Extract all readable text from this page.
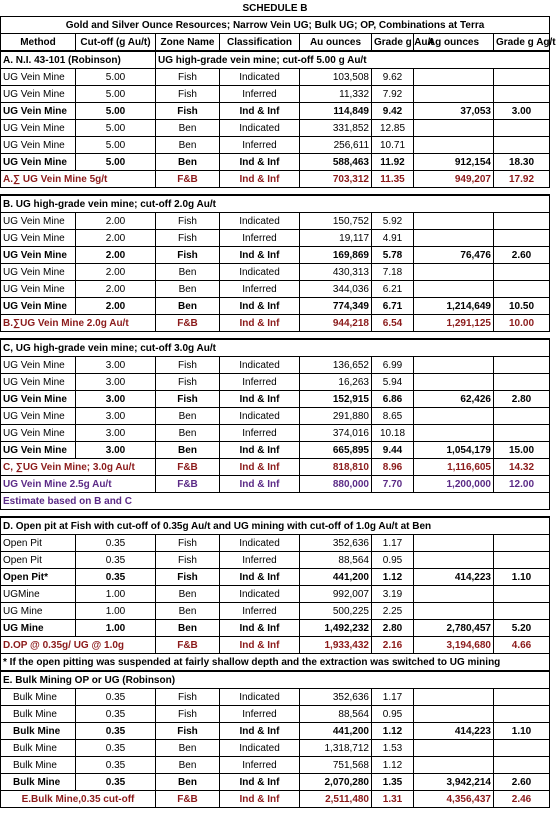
SCHEDULE B							
Gold and Silver Ounce Resources; Narrow Vein UG; Bulk UG; OP, Combinations at Terra							
Method	Cut-off (g Au/t)	Zone Name	Classification	Au ounces	Grade g Au/t	Ag ounces	Grade g Ag/t
A. N.I. 43-101 (Robinson)		UG high-grade vein mine; cut-off 5.00 g Au/t					
UG Vein Mine	5.00	Fish	Indicated	103,508	9.62		
UG Vein Mine	5.00	Fish	Inferred	11,332	7.92		
UG Vein Mine	5.00	Fish	Ind & Inf	114,849	9.42	37,053	3.00
UG Vein Mine	5.00	Ben	Indicated	331,852	12.85		
UG Vein Mine	5.00	Ben	Inferred	256,611	10.71		
UG Vein Mine	5.00	Ben	Ind & Inf	588,463	11.92	912,154	18.30
A.∑ UG Vein Mine 5g/t		F&B	Ind & Inf	703,312	11.35	949,207	17.92

B. UG high-grade vein mine; cut-off 2.0g Au/t							
UG Vein Mine	2.00	Fish	Indicated	150,752	5.92		
UG Vein Mine	2.00	Fish	Inferred	19,117	4.91		
UG Vein Mine	2.00	Fish	Ind & Inf	169,869	5.78	76,476	2.60
UG Vein Mine	2.00	Ben	Indicated	430,313	7.18		
UG Vein Mine	2.00	Ben	Inferred	344,036	6.21		
UG Vein Mine	2.00	Ben	Ind & Inf	774,349	6.71	1,214,649	10.50
B.∑UG Vein Mine 2.0g Au/t		F&B	Ind & Inf	944,218	6.54	1,291,125	10.00

C, UG high-grade vein mine; cut-off 3.0g Au/t							
UG Vein Mine	3.00	Fish	Indicated	136,652	6.99		
UG Vein Mine	3.00	Fish	Inferred	16,263	5.94		
UG Vein Mine	3.00	Fish	Ind & Inf	152,915	6.86	62,426	2.80
UG Vein Mine	3.00	Ben	Indicated	291,880	8.65		
UG Vein Mine	3.00	Ben	Inferred	374,016	10.18		
UG Vein Mine	3.00	Ben	Ind & Inf	665,895	9.44	1,054,179	15.00
C, ∑UG Vein Mine; 3.0g Au/t		F&B	Ind & Inf	818,810	8.96	1,116,605	14.32
UG Vein Mine 2.5g Au/t		F&B	Ind & Inf	880,000	7.70	1,200,000	12.00
Estimate based on B and C							

D. Open pit at Fish with cut-off of 0.35g Au/t and UG mining with cut-off of 1.0g Au/t at Ben							
Open Pit	0.35	Fish	Indicated	352,636	1.17		
Open Pit	0.35	Fish	Inferred	88,564	0.95		
Open Pit*	0.35	Fish	Ind & Inf	441,200	1.12	414,223	1.10
UGMine	1.00	Ben	Indicated	992,007	3.19		
UG Mine	1.00	Ben	Inferred	500,225	2.25		
UG Mine	1.00	Ben	Ind & Inf	1,492,232	2.80	2,780,457	5.20
D.OP @ 0.35g/ UG @ 1.0g		F&B	Ind & Inf	1,933,432	2.16	3,194,680	4.66
* If the open pitting was suspended at fairly shallow depth and the extraction was switched to UG mining							
E. Bulk Mining OP or UG (Robinson)							
Bulk Mine	0.35	Fish	Indicated	352,636	1.17		
Bulk Mine	0.35	Fish	Inferred	88,564	0.95		
Bulk Mine	0.35	Fish	Ind & Inf	441,200	1.12	414,223	1.10
Bulk Mine	0.35	Ben	Indicated	1,318,712	1.53		
Bulk Mine	0.35	Ben	Inferred	751,568	1.12		
Bulk Mine	0.35	Ben	Ind & Inf	2,070,280	1.35	3,942,214	2.60
E.Bulk Mine,0.35 cut-off		F&B	Ind & Inf	2,511,480	1.31	4,356,437	2.46
